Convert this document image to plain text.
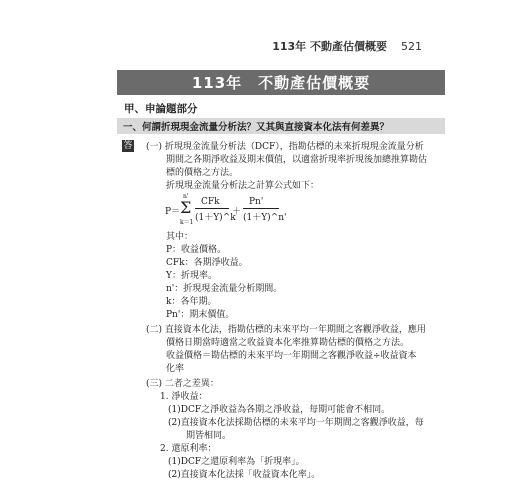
113年 不動產估價概要 521
113年　不動產估價概要
甲、申論題部分
一、何謂折現現金流量分析法？又其與直接資本化法有何差異？
答 (一) 折現現金流量分析法（DCF），指勘估標的未來折現現金流量分析
期間之各期淨收益及期末價值，以適當折現率折現後加總推算勘估
標的價格之方法。
折現現金流量分析法之計算公式如下：
P＝
n'
Σ
k＝1
CFk
(1＋Y)^k
＋
Pn'
(1＋Y)^n'
其中：
P：收益價格。
CFk：各期淨收益。
Y：折現率。
n'：折現現金流量分析期間。
k：各年期。
Pn'：期末價值。
(二) 直接資本化法，指勘估標的未來平均一年期間之客觀淨收益，應用
價格日期當時適當之收益資本化率推算勘估標的價格之方法。
收益價格＝勘估標的未來平均一年期間之客觀淨收益÷收益資本
化率
(三) 二者之差異：
1. 淨收益：
(1)DCF之淨收益為各期之淨收益，每期可能會不相同。
(2)直接資本化法採勘估標的未來平均一年期間之客觀淨收益，每
期皆相同。
2. 還原利率：
(1)DCF之還原利率為「折現率」。
(2)直接資本化法採「收益資本化率」。
